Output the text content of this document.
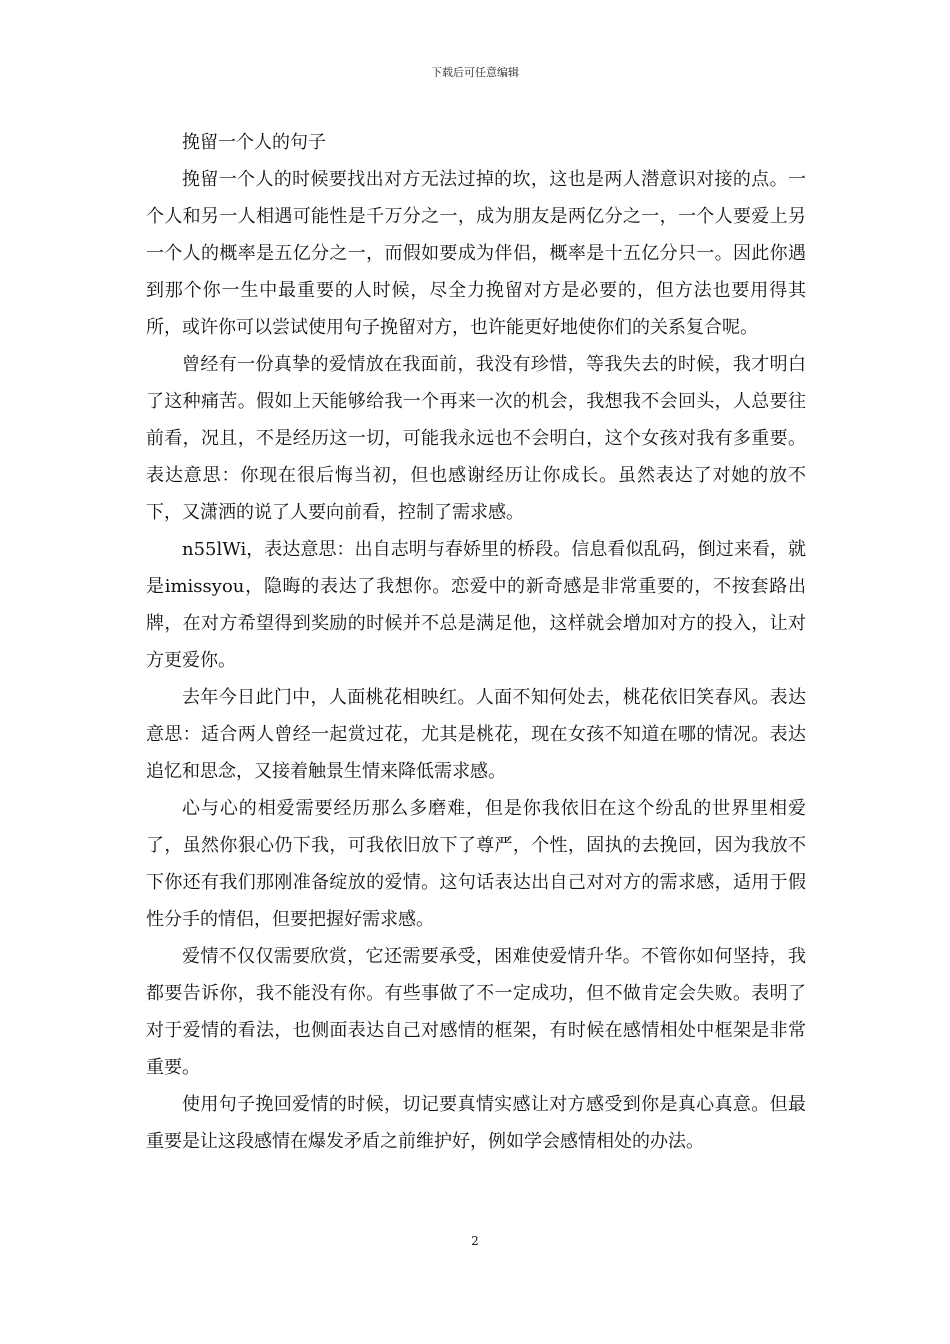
下载后可任意编辑

挽留一个人的句子

挽留一个人的时候要找出对方无法过掉的坎，这也是两人潜意识对接的点。一个人和另一人相遇可能性是千万分之一，成为朋友是两亿分之一，一个人要爱上另一个人的概率是五亿分之一，而假如要成为伴侣，概率是十五亿分只一。因此你遇到那个你一生中最重要的人时候，尽全力挽留对方是必要的，但方法也要用得其所，或许你可以尝试使用句子挽留对方，也许能更好地使你们的关系复合呢。

曾经有一份真挚的爱情放在我面前，我没有珍惜，等我失去的时候，我才明白了这种痛苦。假如上天能够给我一个再来一次的机会，我想我不会回头，人总要往前看，况且，不是经历这一切，可能我永远也不会明白，这个女孩对我有多重要。表达意思：你现在很后悔当初，但也感谢经历让你成长。虽然表达了对她的放不下，又潇洒的说了人要向前看，控制了需求感。

n55lWi，表达意思：出自志明与春娇里的桥段。信息看似乱码，倒过来看，就是imissyou，隐晦的表达了我想你。恋爱中的新奇感是非常重要的，不按套路出牌，在对方希望得到奖励的时候并不总是满足他，这样就会增加对方的投入，让对方更爱你。

去年今日此门中，人面桃花相映红。人面不知何处去，桃花依旧笑春风。表达意思：适合两人曾经一起赏过花，尤其是桃花，现在女孩不知道在哪的情况。表达追忆和思念，又接着触景生情来降低需求感。

心与心的相爱需要经历那么多磨难，但是你我依旧在这个纷乱的世界里相爱了，虽然你狠心仍下我，可我依旧放下了尊严，个性，固执的去挽回，因为我放不下你还有我们那刚准备绽放的爱情。这句话表达出自己对对方的需求感，适用于假性分手的情侣，但要把握好需求感。

爱情不仅仅需要欣赏，它还需要承受，困难使爱情升华。不管你如何坚持，我都要告诉你，我不能没有你。有些事做了不一定成功，但不做肯定会失败。表明了对于爱情的看法，也侧面表达自己对感情的框架，有时候在感情相处中框架是非常重要。

使用句子挽回爱情的时候，切记要真情实感让对方感受到你是真心真意。但最重要是让这段感情在爆发矛盾之前维护好，例如学会感情相处的办法。

2
